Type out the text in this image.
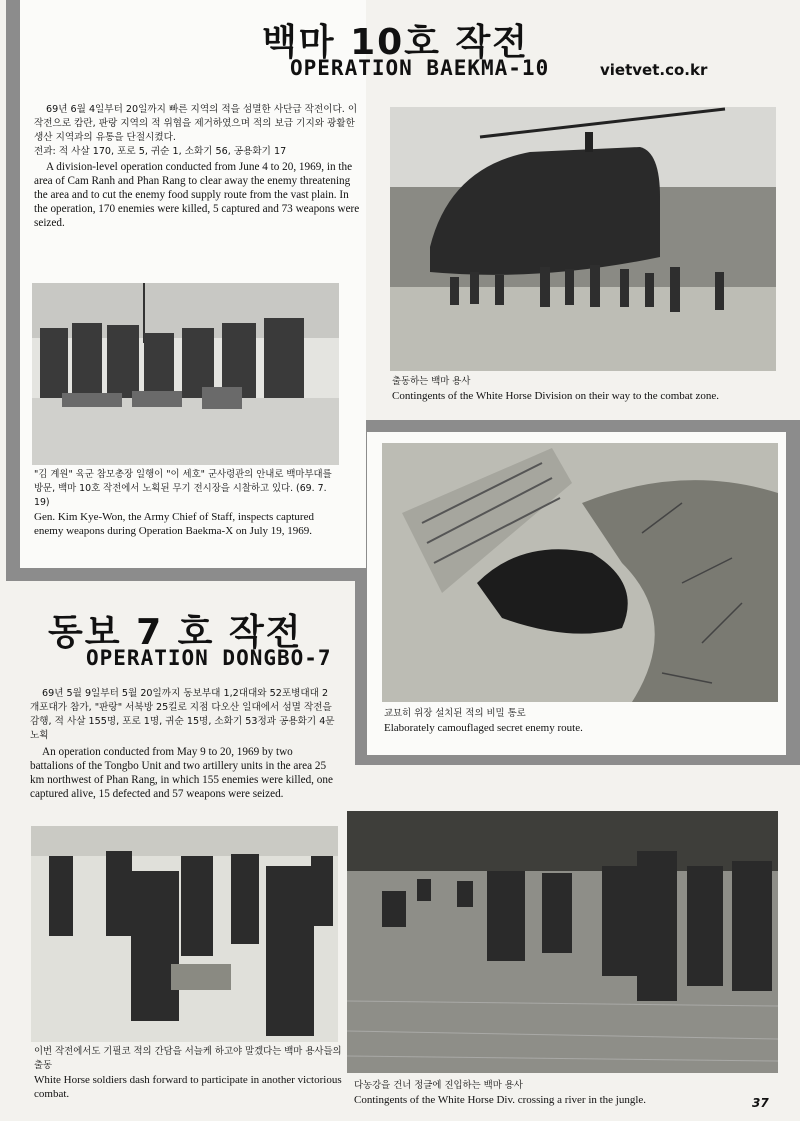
백마 10호 작전
OPERATION BAEKMA-10	vietvet.co.kr
69년 6월 4일부터 20일까지 빠른 지역의 적을 섬멸한 사단급 작전이다. 이 작전으로 캄란, 판랑 지역의 적 위협을 제거하였으며 적의 보급 기지와 광활한 생산 지역과의 유통을 단절시켰다.
전과: 적 사살 170, 포로 5, 귀순 1, 소화기 56, 공용화기 17
A division-level operation conducted from June 4 to 20, 1969, in the area of Cam Ranh and Phan Rang to clear away the enemy threatening the area and to cut the enemy food supply route from the vast plain. In the operation, 170 enemies were killed, 5 captured and 73 weapons were seized.
출동하는 백마 용사
Contingents of the White Horse Division on their way to the combat zone.
"김 계원" 육군 참모총장 일행이 "이 세호" 군사령관의 안내로 백마부대를 방문, 백마 10호 작전에서 노획된 무기 전시장을 시찰하고 있다. (69. 7. 19)
Gen. Kim Kye-Won, the Army Chief of Staff, inspects captured enemy weapons during Operation Baekma-X on July 19, 1969.
교묘히 위장 설치된 적의 비밀 통로
Elaborately camouflaged secret enemy route.
동보 7 호 작전
OPERATION DONGBO-7
69년 5월 9일부터 5월 20일까지 동보부대 1,2대대와 52포병대대 2개포대가 참가, "판랑" 서북방 25킬로 지점 다오산 일대에서 섬멸 작전을 감행, 적 사살 155명, 포로 1명, 귀순 15명, 소화기 53정과 공용화기 4문 노획
An operation conducted from May 9 to 20, 1969 by two battalions of the Tongbo Unit and two artillery units in the area 25 km northwest of Phan Rang, in which 155 enemies were killed, one captured alive, 15 defected and 57 weapons were seized.
이번 작전에서도 기필코 적의 간담을 서늘케 하고야 말겠다는 백마 용사들의 출동
White Horse soldiers dash forward to participate in another victorious combat.
다농강을 건너 정글에 진입하는 백마 용사
Contingents of the White Horse Div. crossing a river in the jungle.	37
